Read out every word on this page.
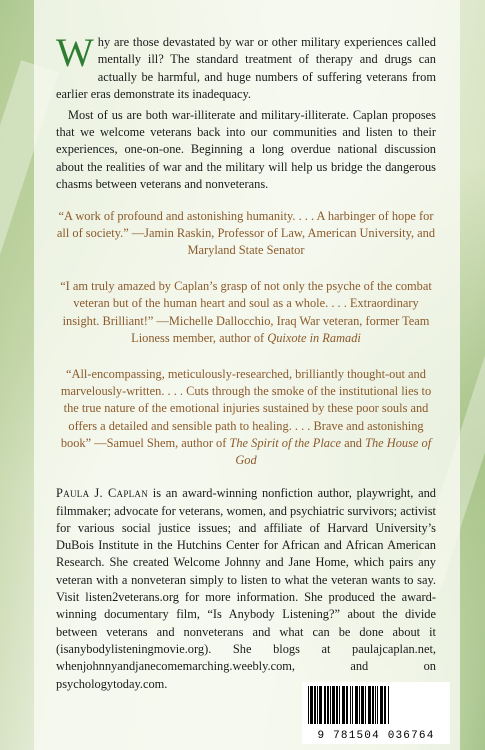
Why are those devastated by war or other military experiences called mentally ill? The standard treatment of therapy and drugs can actually be harmful, and huge numbers of suffering veterans from earlier eras demonstrate its inadequacy.

Most of us are both war-illiterate and military-illiterate. Caplan proposes that we welcome veterans back into our communities and listen to their experiences, one-on-one. Beginning a long overdue national discussion about the realities of war and the military will help us bridge the dangerous chasms between veterans and nonveterans.

“A work of profound and astonishing humanity. . . . A harbinger of hope for all of society.” —Jamin Raskin, Professor of Law, American University, and Maryland State Senator

“I am truly amazed by Caplan’s grasp of not only the psyche of the combat veteran but of the human heart and soul as a whole. . . . Extraordinary insight. Brilliant!” —Michelle Dallocchio, Iraq War veteran, former Team Lioness member, author of Quixote in Ramadi

“All-encompassing, meticulously-researched, brilliantly thought-out and marvelously-written. . . . Cuts through the smoke of the institutional lies to the true nature of the emotional injuries sustained by these poor souls and offers a detailed and sensible path to healing. . . . Brave and astonishing book” —Samuel Shem, author of The Spirit of the Place and The House of God

Paula J. Caplan is an award-winning nonfiction author, playwright, and filmmaker; advocate for veterans, women, and psychiatric survivors; activist for various social justice issues; and affiliate of Harvard University’s DuBois Institute in the Hutchins Center for African and African American Research. She created Welcome Johnny and Jane Home, which pairs any veteran with a nonveteran simply to listen to what the veteran wants to say. Visit listen2veterans.org for more information. She produced the award-winning documentary film, “Is Anybody Listening?” about the divide between veterans and nonveterans and what can be done about it (isanybodylisteningmovie.org). She blogs at paulajcaplan.net, whenjohnnyandjanecomemarching.weebly.com, and on psychologytoday.com.

9 781504 036764
